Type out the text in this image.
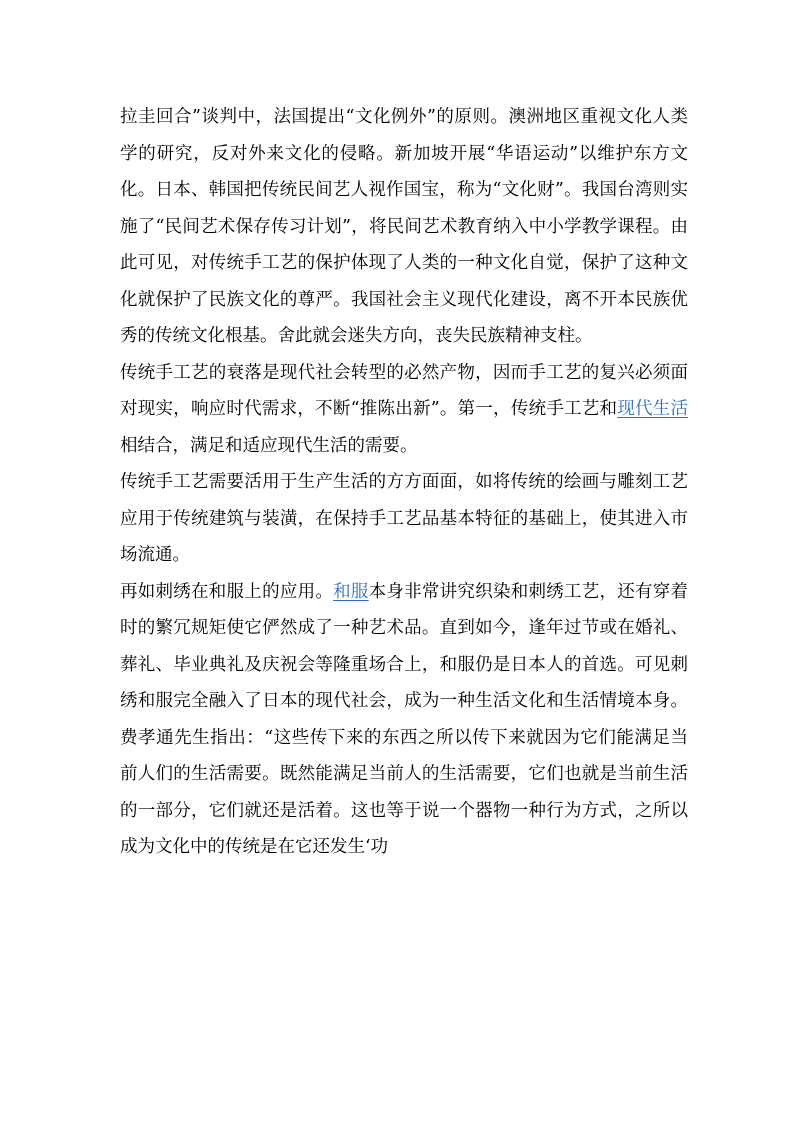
拉圭回合”谈判中，法国提出“文化例外”的原则。澳洲地区重视文化人类学的研究，反对外来文化的侵略。新加坡开展“华语运动”以维护东方文化。日本、韩国把传统民间艺人视作国宝，称为“文化财”。我国台湾则实施了“民间艺术保存传习计划”，将民间艺术教育纳入中小学教学课程。由此可见，对传统手工艺的保护体现了人类的一种文化自觉，保护了这种文化就保护了民族文化的尊严。我国社会主义现代化建设，离不开本民族优秀的传统文化根基。舍此就会迷失方向，丧失民族精神支柱。

传统手工艺的衰落是现代社会转型的必然产物，因而手工艺的复兴必须面对现实，响应时代需求，不断“推陈出新”。第一，传统手工艺和现代生活相结合，满足和适应现代生活的需要。

传统手工艺需要活用于生产生活的方方面面，如将传统的绘画与雕刻工艺应用于传统建筑与装潢，在保持手工艺品基本特征的基础上，使其进入市场流通。

再如刺绣在和服上的应用。和服本身非常讲究织染和刺绣工艺，还有穿着时的繁冗规矩使它俨然成了一种艺术品。直到如今，逢年过节或在婚礼、葬礼、毕业典礼及庆祝会等隆重场合上，和服仍是日本人的首选。可见刺绣和服完全融入了日本的现代社会，成为一种生活文化和生活情境本身。费孝通先生指出：“这些传下来的东西之所以传下来就因为它们能满足当前人们的生活需要。既然能满足当前人的生活需要，它们也就是当前生活的一部分，它们就还是活着。这也等于说一个器物一种行为方式，之所以成为文化中的传统是在它还发生‘功
